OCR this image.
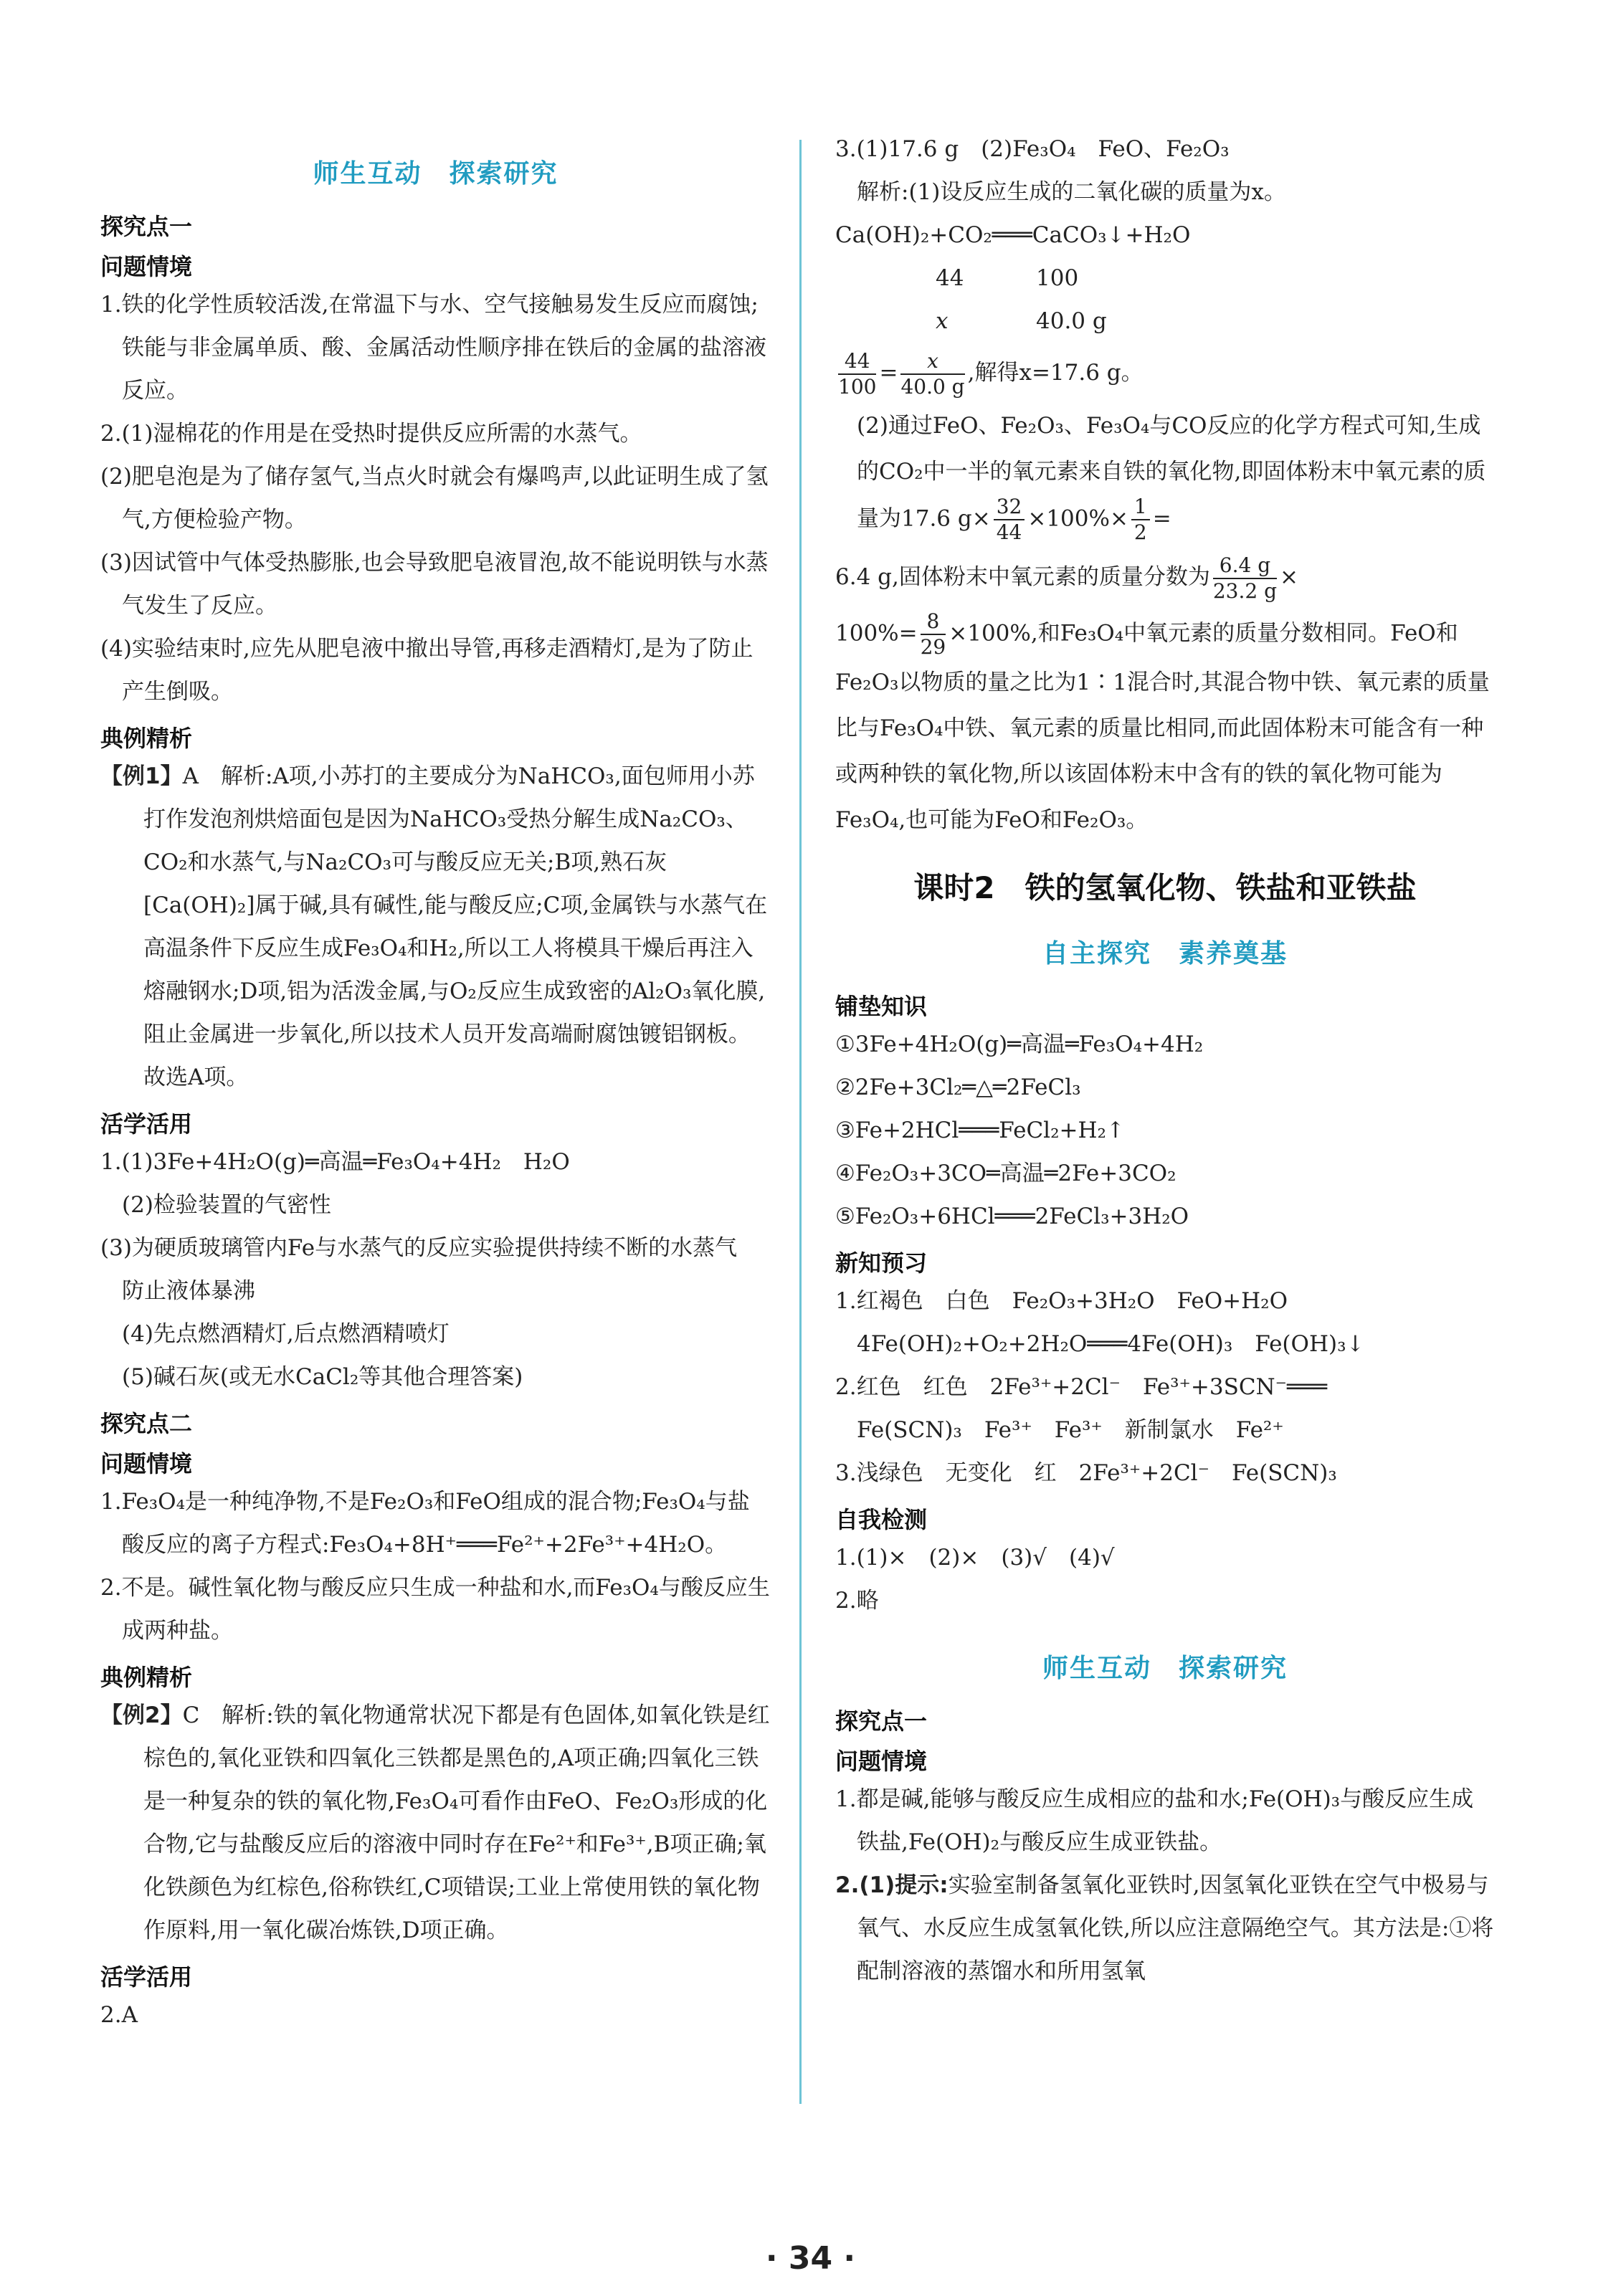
师生互动　探索研究
探究点一
问题情境

1.铁的化学性质较活泼,在常温下与水、空气接触易发生反应而腐蚀;铁能与非金属单质、酸、金属活动性顺序排在铁后的金属的盐溶液反应。

2.(1)湿棉花的作用是在受热时提供反应所需的水蒸气。

(2)肥皂泡是为了储存氢气,当点火时就会有爆鸣声,以此证明生成了氢气,方便检验产物。

(3)因试管中气体受热膨胀,也会导致肥皂液冒泡,故不能说明铁与水蒸气发生了反应。

(4)实验结束时,应先从肥皂液中撤出导管,再移走酒精灯,是为了防止产生倒吸。

典例精析

【例1】A　解析:A项,小苏打的主要成分为NaHCO₃,面包师用小苏打作发泡剂烘焙面包是因为NaHCO₃受热分解生成Na₂CO₃、CO₂和水蒸气,与Na₂CO₃可与酸反应无关;B项,熟石灰[Ca(OH)₂]属于碱,具有碱性,能与酸反应;C项,金属铁与水蒸气在高温条件下反应生成Fe₃O₄和H₂,所以工人将模具干燥后再注入熔融钢水;D项,铝为活泼金属,与O₂反应生成致密的Al₂O₃氧化膜,阻止金属进一步氧化,所以技术人员开发高端耐腐蚀镀铝钢板。故选A项。

活学活用

1.(1)3Fe+4H₂O(g)═高温═Fe₃O₄+4H₂　H₂O

(2)检验装置的气密性

(3)为硬质玻璃管内Fe与水蒸气的反应实验提供持续不断的水蒸气　防止液体暴沸

(4)先点燃酒精灯,后点燃酒精喷灯

(5)碱石灰(或无水CaCl₂等其他合理答案)

探究点二
问题情境

1.Fe₃O₄是一种纯净物,不是Fe₂O₃和FeO组成的混合物;Fe₃O₄与盐酸反应的离子方程式:Fe₃O₄+8H⁺═══Fe²⁺+2Fe³⁺+4H₂O。

2.不是。碱性氧化物与酸反应只生成一种盐和水,而Fe₃O₄与酸反应生成两种盐。

典例精析

【例2】C　解析:铁的氧化物通常状况下都是有色固体,如氧化铁是红棕色的,氧化亚铁和四氧化三铁都是黑色的,A项正确;四氧化三铁是一种复杂的铁的氧化物,Fe₃O₄可看作由FeO、Fe₂O₃形成的化合物,它与盐酸反应后的溶液中同时存在Fe²⁺和Fe³⁺,B项正确;氧化铁颜色为红棕色,俗称铁红,C项错误;工业上常使用铁的氧化物作原料,用一氧化碳冶炼铁,D项正确。

活学活用

2.A

3.(1)17.6 g　(2)Fe₃O₄　FeO、Fe₂O₃

解析:(1)设反应生成的二氧化碳的质量为x。

Ca(OH)₂+CO₂═══CaCO₃↓+H₂O

44	100

x	40.0 g

$\frac{44}{100} = \frac{x}{40.0 g}$ ,解得x=17.6 g。

(2)通过FeO、Fe₂O₃、Fe₃O₄与CO反应的化学方程式可知,生成的CO₂中一半的氧元素来自铁的氧化物,即固体粉末中氧元素的质量为17.6 $g\times \frac{32}{44} \times 100\%\times \frac{1}{2}$ =

6.4 g,固体粉末中氧元素的质量分数为 $\frac{6.4 g}{23.2 g}$ ×

$100\%= \frac{8}{29} \times 100\%$,和Fe₃O₄中氧元素的质量分数相同。FeO和Fe₂O₃以物质的量之比为1∶1混合时,其混合物中铁、氧元素的质量比与Fe₃O₄中铁、氧元素的质量比相同,而此固体粉末可能含有一种或两种铁的氧化物,所以该固体粉末中含有的铁的氧化物可能为Fe₃O₄,也可能为FeO和Fe₂O₃。

课时2　铁的氢氧化物、铁盐和亚铁盐
自主探究　素养奠基
铺垫知识

①3Fe+4H₂O(g)═高温═Fe₃O₄+4H₂

②2Fe+3Cl₂═△═2FeCl₃

③Fe+2HCl═══FeCl₂+H₂↑

④Fe₂O₃+3CO═高温═2Fe+3CO₂

⑤Fe₂O₃+6HCl═══2FeCl₃+3H₂O

新知预习

1.红褐色　白色　Fe₂O₃+3H₂O　FeO+H₂O

4Fe(OH)₂+O₂+2H₂O═══4Fe(OH)₃　Fe(OH)₃↓

2.红色　红色　2Fe³⁺+2Cl⁻　Fe³⁺+3SCN⁻═══

Fe(SCN)₃　Fe³⁺　Fe³⁺　新制氯水　Fe²⁺

3.浅绿色　无变化　红　2Fe³⁺+2Cl⁻　Fe(SCN)₃

自我检测

1.(1)×　(2)×　(3)√　(4)√

2.略

师生互动　探索研究
探究点一
问题情境

1.都是碱,能够与酸反应生成相应的盐和水;Fe(OH)₃与酸反应生成铁盐,Fe(OH)₂与酸反应生成亚铁盐。

2.(1)提示:实验室制备氢氧化亚铁时,因氢氧化亚铁在空气中极易与氧气、水反应生成氢氧化铁,所以应注意隔绝空气。其方法是:①将配制溶液的蒸馏水和所用氢氧

· 34 ·
